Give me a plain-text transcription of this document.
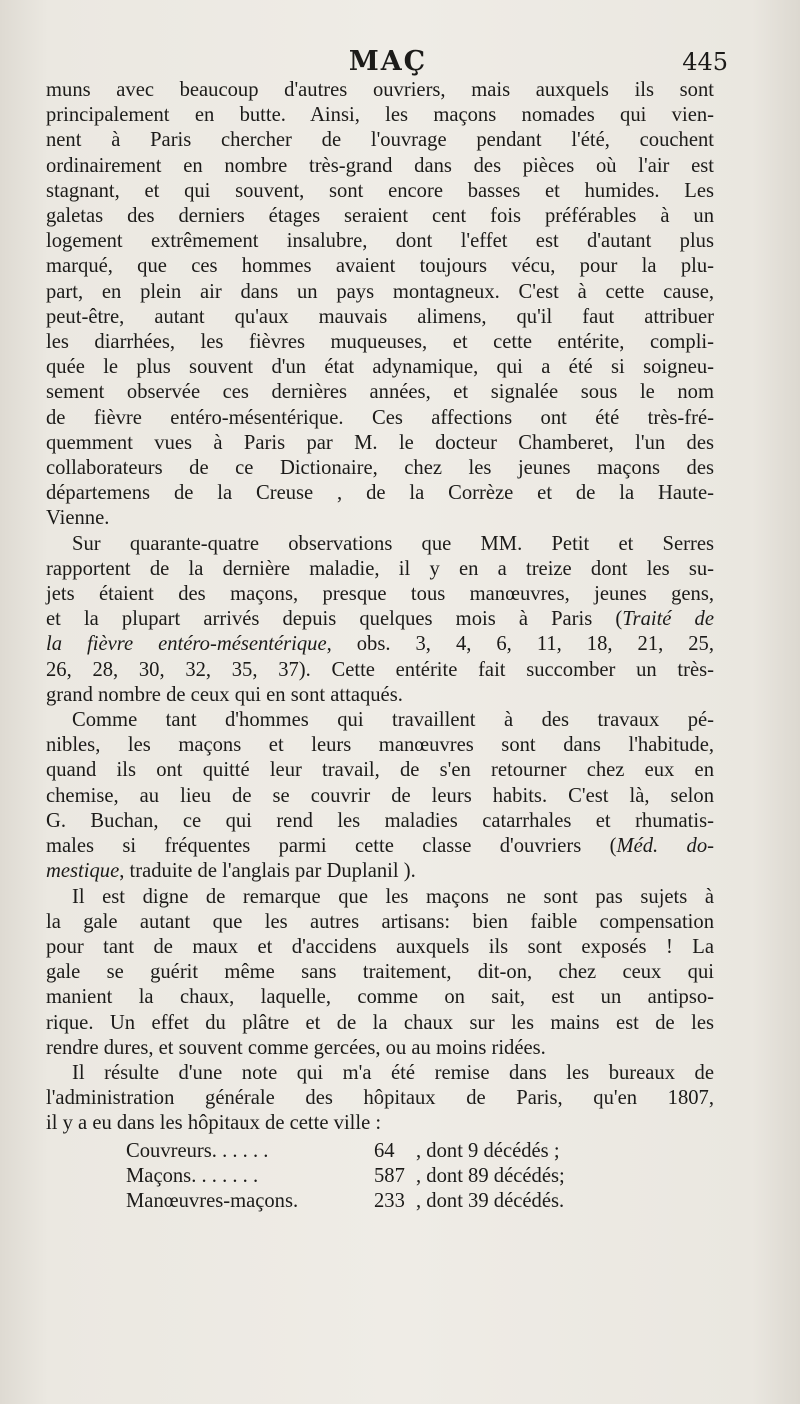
MAÇ	445
muns avec beaucoup d'autres ouvriers, mais auxquels ils sont
principalement en butte. Ainsi, les maçons nomades qui vien-
nent à Paris chercher de l'ouvrage pendant l'été, couchent
ordinairement en nombre très-grand dans des pièces où l'air est
stagnant, et qui souvent, sont encore basses et humides. Les
galetas des derniers étages seraient cent fois préférables à un
logement extrêmement insalubre, dont l'effet est d'autant plus
marqué, que ces hommes avaient toujours vécu, pour la plu-
part, en plein air dans un pays montagneux. C'est à cette cause,
peut-être, autant qu'aux mauvais alimens, qu'il faut attribuer
les diarrhées, les fièvres muqueuses, et cette entérite, compli-
quée le plus souvent d'un état adynamique, qui a été si soigneu-
sement observée ces dernières années, et signalée sous le nom
de fièvre entéro-mésentérique. Ces affections ont été très-fré-
quemment vues à Paris par M. le docteur Chamberet, l'un des
collaborateurs de ce Dictionaire, chez les jeunes maçons des
départemens de la Creuse , de la Corrèze et de la Haute-
Vienne.
Sur quarante-quatre observations que MM. Petit et Serres
rapportent de la dernière maladie, il y en a treize dont les su-
jets étaient des maçons, presque tous manœuvres, jeunes gens,
et la plupart arrivés depuis quelques mois à Paris (Traité de
la fièvre entéro-mésentérique, obs. 3, 4, 6, 11, 18, 21, 25,
26, 28, 30, 32, 35, 37). Cette entérite fait succomber un très-
grand nombre de ceux qui en sont attaqués.
Comme tant d'hommes qui travaillent à des travaux pé-
nibles, les maçons et leurs manœuvres sont dans l'habitude,
quand ils ont quitté leur travail, de s'en retourner chez eux en
chemise, au lieu de se couvrir de leurs habits. C'est là, selon
G. Buchan, ce qui rend les maladies catarrhales et rhumatis-
males si fréquentes parmi cette classe d'ouvriers (Méd. do-
mestique, traduite de l'anglais par Duplanil ).
Il est digne de remarque que les maçons ne sont pas sujets à
la gale autant que les autres artisans: bien faible compensation
pour tant de maux et d'accidens auxquels ils sont exposés ! La
gale se guérit même sans traitement, dit-on, chez ceux qui
manient la chaux, laquelle, comme on sait, est un antipso-
rique. Un effet du plâtre et de la chaux sur les mains est de les
rendre dures, et souvent comme gercées, ou au moins ridées.
Il résulte d'une note qui m'a été remise dans les bureaux de
l'administration générale des hôpitaux de Paris, qu'en 1807,
il y a eu dans les hôpitaux de cette ville :
Couvreurs. . . . . .	64	, dont 9 décédés ;
Maçons. . . . . . .	587 , dont 89 décédés;
Manœuvres-maçons.	233 , dont 39 décédés.
